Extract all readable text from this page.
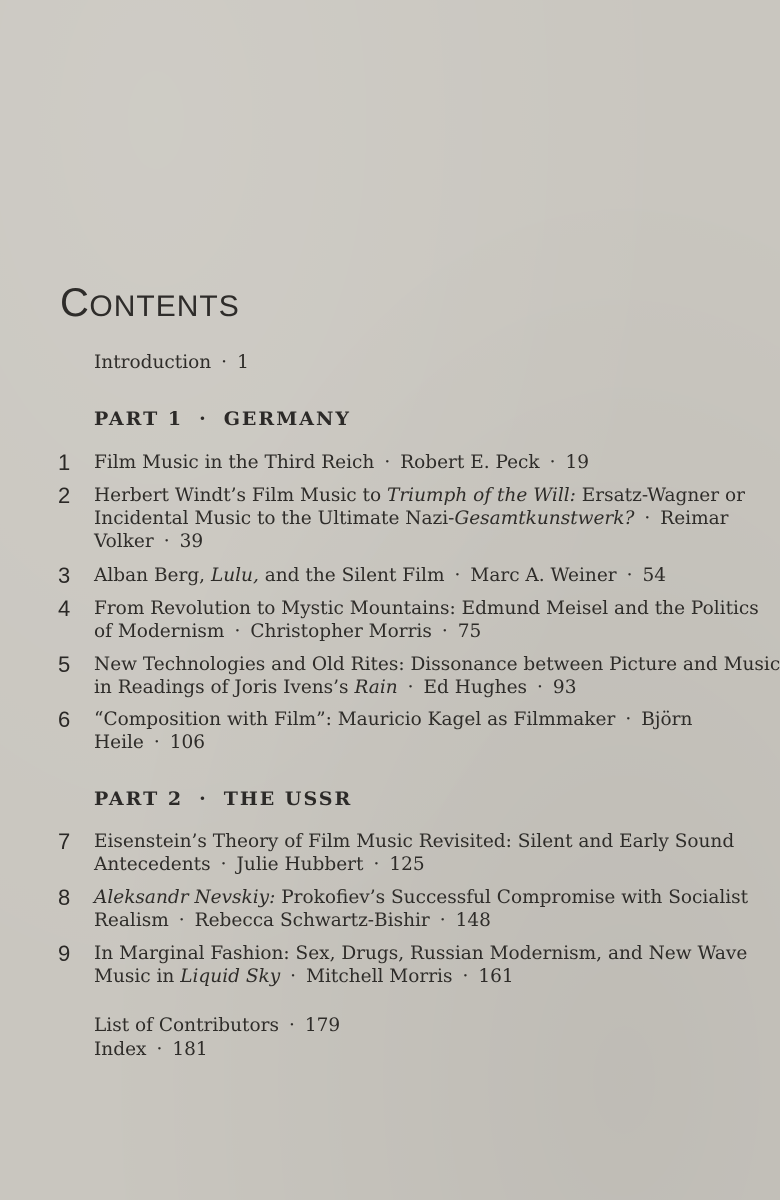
CONTENTS
Introduction · 1
PART 1 · GERMANY
1	Film Music in the Third Reich · Robert E. Peck · 19
2	Herbert Windt’s Film Music to Triumph of the Will: Ersatz-Wagner or
Incidental Music to the Ultimate Nazi-Gesamtkunstwerk? · Reimar
Volker · 39
3	Alban Berg, Lulu, and the Silent Film · Marc A. Weiner · 54
4	From Revolution to Mystic Mountains: Edmund Meisel and the Politics
of Modernism · Christopher Morris · 75
5	New Technologies and Old Rites: Dissonance between Picture and Music
in Readings of Joris Ivens’s Rain · Ed Hughes · 93
6	“Composition with Film”: Mauricio Kagel as Filmmaker · Björn
Heile · 106
PART 2 · THE USSR
7	Eisenstein’s Theory of Film Music Revisited: Silent and Early Sound
Antecedents · Julie Hubbert · 125
8	Aleksandr Nevskiy: Prokofiev’s Successful Compromise with Socialist
Realism · Rebecca Schwartz-Bishir · 148
9	In Marginal Fashion: Sex, Drugs, Russian Modernism, and New Wave
Music in Liquid Sky · Mitchell Morris · 161
List of Contributors · 179
Index · 181
